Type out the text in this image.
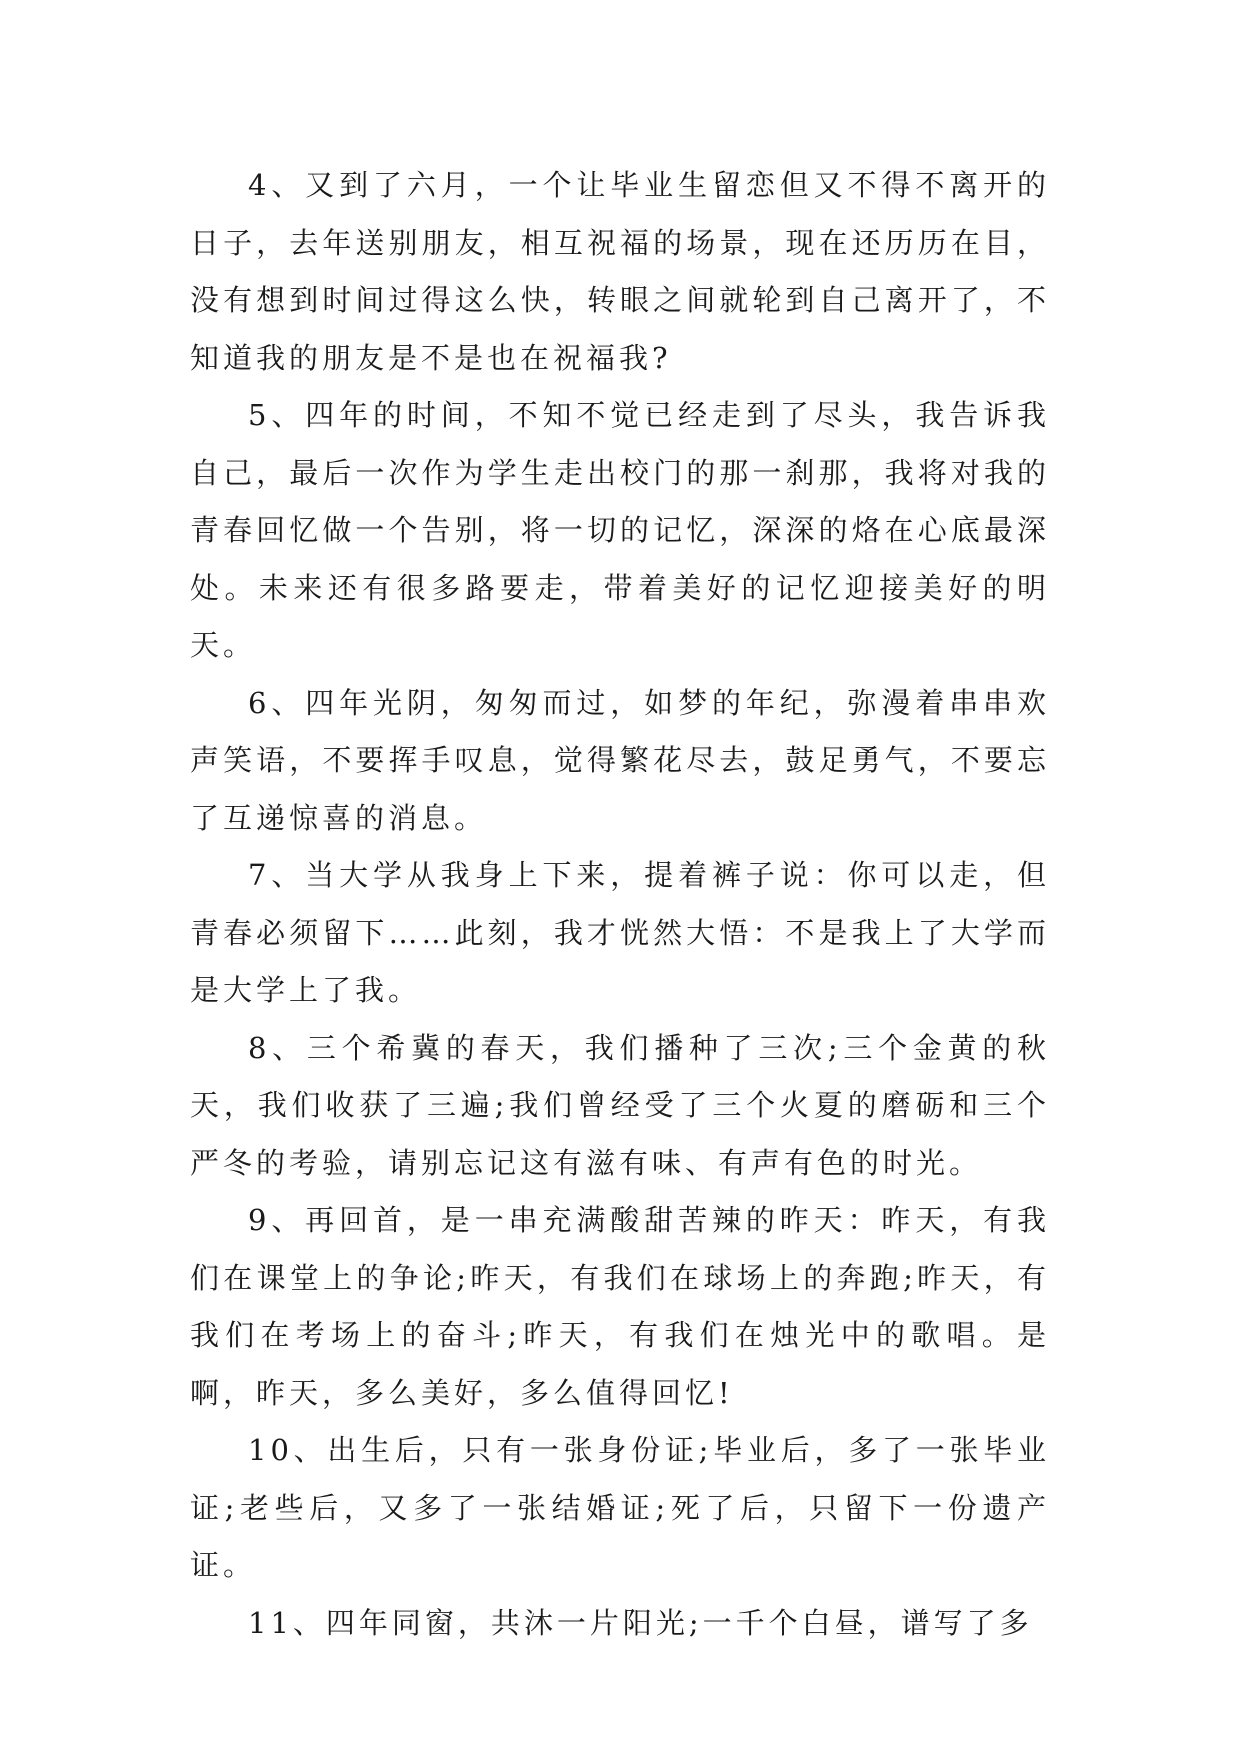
4、又到了六月，一个让毕业生留恋但又不得不离开的日子，去年送别朋友，相互祝福的场景，现在还历历在目，没有想到时间过得这么快，转眼之间就轮到自己离开了，不知道我的朋友是不是也在祝福我?

5、四年的时间，不知不觉已经走到了尽头，我告诉我自己，最后一次作为学生走出校门的那一刹那，我将对我的青春回忆做一个告别，将一切的记忆，深深的烙在心底最深处。未来还有很多路要走，带着美好的记忆迎接美好的明天。

6、四年光阴，匆匆而过，如梦的年纪，弥漫着串串欢声笑语，不要挥手叹息，觉得繁花尽去，鼓足勇气，不要忘了互递惊喜的消息。

7、当大学从我身上下来，提着裤子说：你可以走，但青春必须留下……此刻，我才恍然大悟：不是我上了大学而是大学上了我。

8、三个希冀的春天，我们播种了三次;三个金黄的秋天，我们收获了三遍;我们曾经受了三个火夏的磨砺和三个严冬的考验，请别忘记这有滋有味、有声有色的时光。

9、再回首，是一串充满酸甜苦辣的昨天：昨天，有我们在课堂上的争论;昨天，有我们在球场上的奔跑;昨天，有我们在考场上的奋斗;昨天，有我们在烛光中的歌唱。是啊，昨天，多么美好，多么值得回忆!

10、出生后，只有一张身份证;毕业后，多了一张毕业证;老些后，又多了一张结婚证;死了后，只留下一份遗产证。

11、四年同窗，共沐一片阳光;一千个白昼，谱写了多
